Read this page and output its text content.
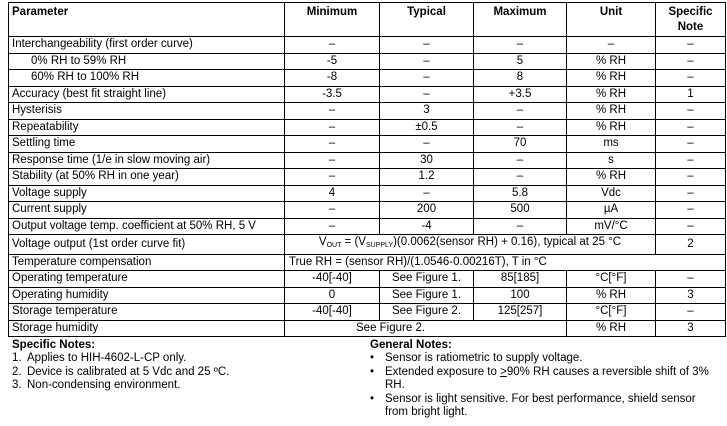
Parameter	Minimum	Typical	Maximum	Unit	Specific Note
Interchangeability (first order curve)	–	–	–	–	–
0% RH to 59% RH	-5	–	5	% RH	–
60% RH to 100% RH	-8	–	8	% RH	–
Accuracy (best fit straight line)	-3.5	–	+3.5	% RH	1
Hysterisis	–	3	–	% RH	–
Repeatability	–	±0.5	–	% RH	–
Settling time	–	–	70	ms	–
Response time (1/e in slow moving air)	–	30	–	s	–
Stability (at 50% RH in one year)	–	1.2	–	% RH	–
Voltage supply	4	–	5.8	Vdc	–
Current supply	–	200	500	µA	–
Output voltage temp. coefficient at 50% RH, 5 V	–	-4	–	mV/°C	–
Voltage output (1st order curve fit)	$V_{OUT}$ = $(V_{SUPPLY})(0.0062(sensor$ RH) + 0.16), typical at 25 °C				2
Temperature compensation	True RH = (sensor RH)/(1.0546-0.00216T), T in °C				
Operating temperature	-40[-40]	See Figure 1.	85[185]	°C[°F]	–
Operating humidity	0	See Figure 1.	100	% RH	3
Storage temperature	-40[-40]	See Figure 2.	125[257]	°C[°F]	–
Storage humidity	See Figure 2.			% RH	3
Specific Notes:
1. Applies to HIH-4602-L-CP only.
2. Device is calibrated at 5 Vdc and 25 ºC.
3. Non-condensing environment.
General Notes:
• Sensor is ratiometric to supply voltage.
• Extended exposure to >90% RH causes a reversible shift of 3% RH.
• Sensor is light sensitive. For best performance, shield sensor from bright light.
